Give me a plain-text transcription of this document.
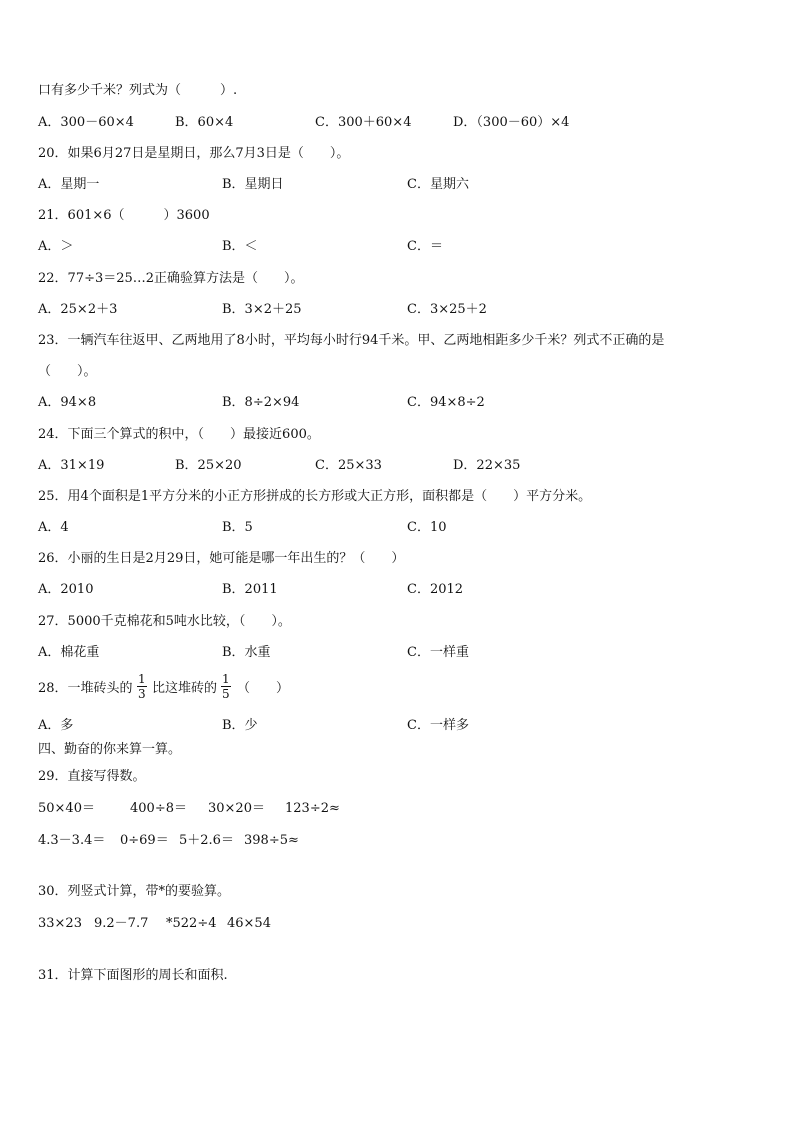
口有多少千米？列式为（　　　）.
A．300－60×4	B．60×4	C．300＋60×4	D．（300－60）×4
20．如果6月27日是星期日，那么7月3日是（　　）。
A．星期一	B．星期日	C．星期六
21．601×6（　　　）3600
A．＞	B．＜	C．＝
22．77÷3＝25…2正确验算方法是（　　）。
A．25×2＋3	B．3×2＋25	C．3×25＋2
23．一辆汽车往返甲、乙两地用了8小时，平均每小时行94千米。甲、乙两地相距多少千米？列式不正确的是
（　　）。
A．94×8	B．8÷2×94	C．94×8÷2
24．下面三个算式的积中，（　　）最接近600。
A．31×19	B．25×20	C．25×33	D．22×35
25．用4个面积是1平方分米的小正方形拼成的长方形或大正方形，面积都是（　　）平方分米。
A．4	B．5	C．10
26．小丽的生日是2月29日，她可能是哪一年出生的？（　　）
A．2010	B．2011	C．2012
27．5000千克棉花和5吨水比较，（　　）。
A．棉花重	B．水重	C．一样重
28．一堆砖头的 $\frac{1}{3}$ 比这堆砖的 $\frac{1}{5}$ （　　）
A．多	B．少	C．一样多
四、勤奋的你来算一算。
29．直接写得数。
50×40＝	400÷8＝ 30×20＝ 123÷2≈
4.3－3.4＝ 0÷69＝ 5＋2.6＝ 398÷5≈
30．列竖式计算，带*的要验算。
33×23 9.2－7.7 *522÷4 46×54
31．计算下面图形的周长和面积.
